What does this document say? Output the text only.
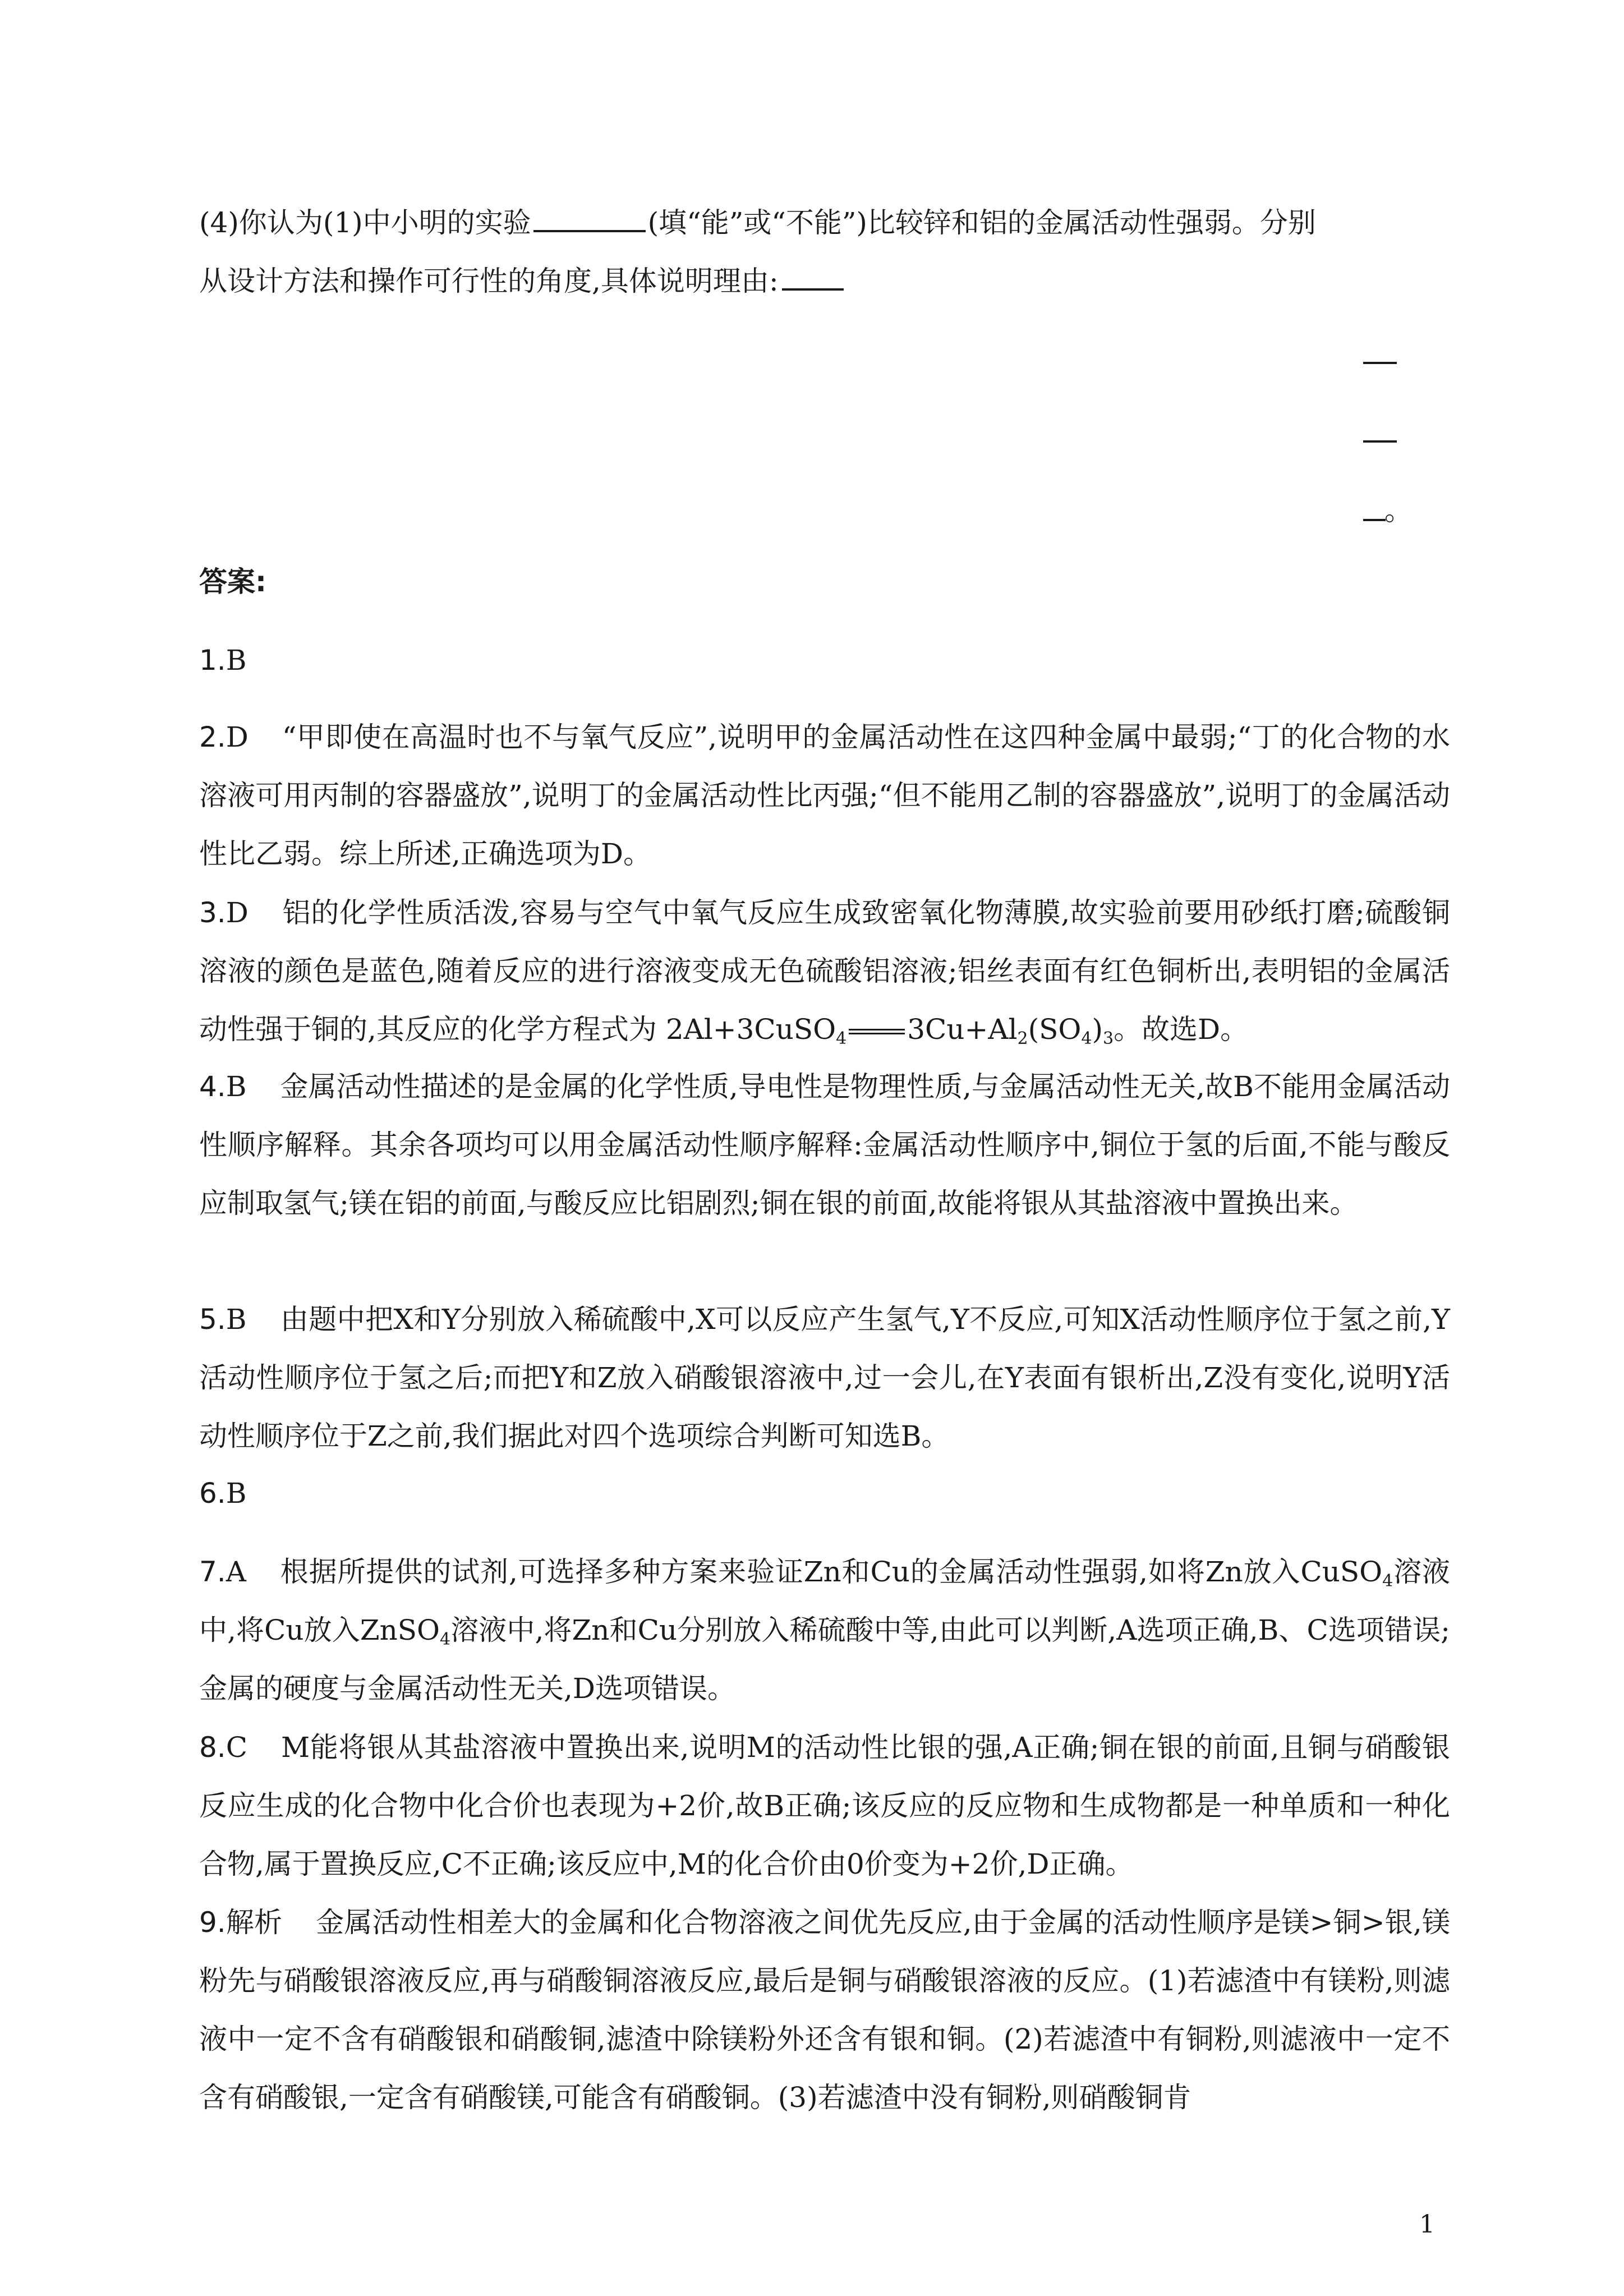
(4)你认为(1)中小明的实验	(填“能”或“不能”)比较锌和铝的金属活动性强弱。分别
从设计方法和操作可行性的角度,具体说明理由:
。
答案:
1.B
2.D “甲即使在高温时也不与氧气反应”,说明甲的金属活动性在这四种金属中最弱;“丁的化合物的水溶液可用丙制的容器盛放”,说明丁的金属活动性比丙强;“但不能用乙制的容器盛放”,说明丁的金属活动性比乙弱。综上所述,正确选项为D。
3.D 铝的化学性质活泼,容易与空气中氧气反应生成致密氧化物薄膜,故实验前要用砂纸打磨;硫酸铜溶液的颜色是蓝色,随着反应的进行溶液变成无色硫酸铝溶液;铝丝表面有红色铜析出,表明铝的金属活动性强于铜的,其反应的化学方程式为 2Al+3CuSO$_4$ $3Cu+Al_2(SO_4)_3$。故选D。
4.B 金属活动性描述的是金属的化学性质,导电性是物理性质,与金属活动性无关,故B不能用金属活动性顺序解释。其余各项均可以用金属活动性顺序解释:金属活动性顺序中,铜位于氢的后面,不能与酸反应制取氢气;镁在铝的前面,与酸反应比铝剧烈;铜在银的前面,故能将银从其盐溶液中置换出来。
5.B 由题中把X和Y分别放入稀硫酸中,X可以反应产生氢气,Y不反应,可知X活动性顺序位于氢之前,Y活动性顺序位于氢之后;而把Y和Z放入硝酸银溶液中,过一会儿,在Y表面有银析出,Z没有变化,说明Y活动性顺序位于Z之前,我们据此对四个选项综合判断可知选B。
6.B
7.A 根据所提供的试剂,可选择多种方案来验证Zn和Cu的金属活动性强弱,如将Zn放入CuSO$_4$溶液中,将Cu放入ZnSO$_4$溶液中,将Zn和Cu分别放入稀硫酸中等,由此可以判断,A选项正确,B、C选项错误;金属的硬度与金属活动性无关,D选项错误。
8.C M能将银从其盐溶液中置换出来,说明M的活动性比银的强,A正确;铜在银的前面,且铜与硝酸银反应生成的化合物中化合价也表现为+2价,故B正确;该反应的反应物和生成物都是一种单质和一种化合物,属于置换反应,C不正确;该反应中,M的化合价由0价变为+2价,D正确。
9.解析 金属活动性相差大的金属和化合物溶液之间优先反应,由于金属的活动性顺序是镁>铜>银,镁粉先与硝酸银溶液反应,再与硝酸铜溶液反应,最后是铜与硝酸银溶液的反应。(1)若滤渣中有镁粉,则滤液中一定不含有硝酸银和硝酸铜,滤渣中除镁粉外还含有银和铜。(2)若滤渣中有铜粉,则滤液中一定不含有硝酸银,一定含有硝酸镁,可能含有硝酸铜。(3)若滤渣中没有铜粉,则硝酸铜肯
1
